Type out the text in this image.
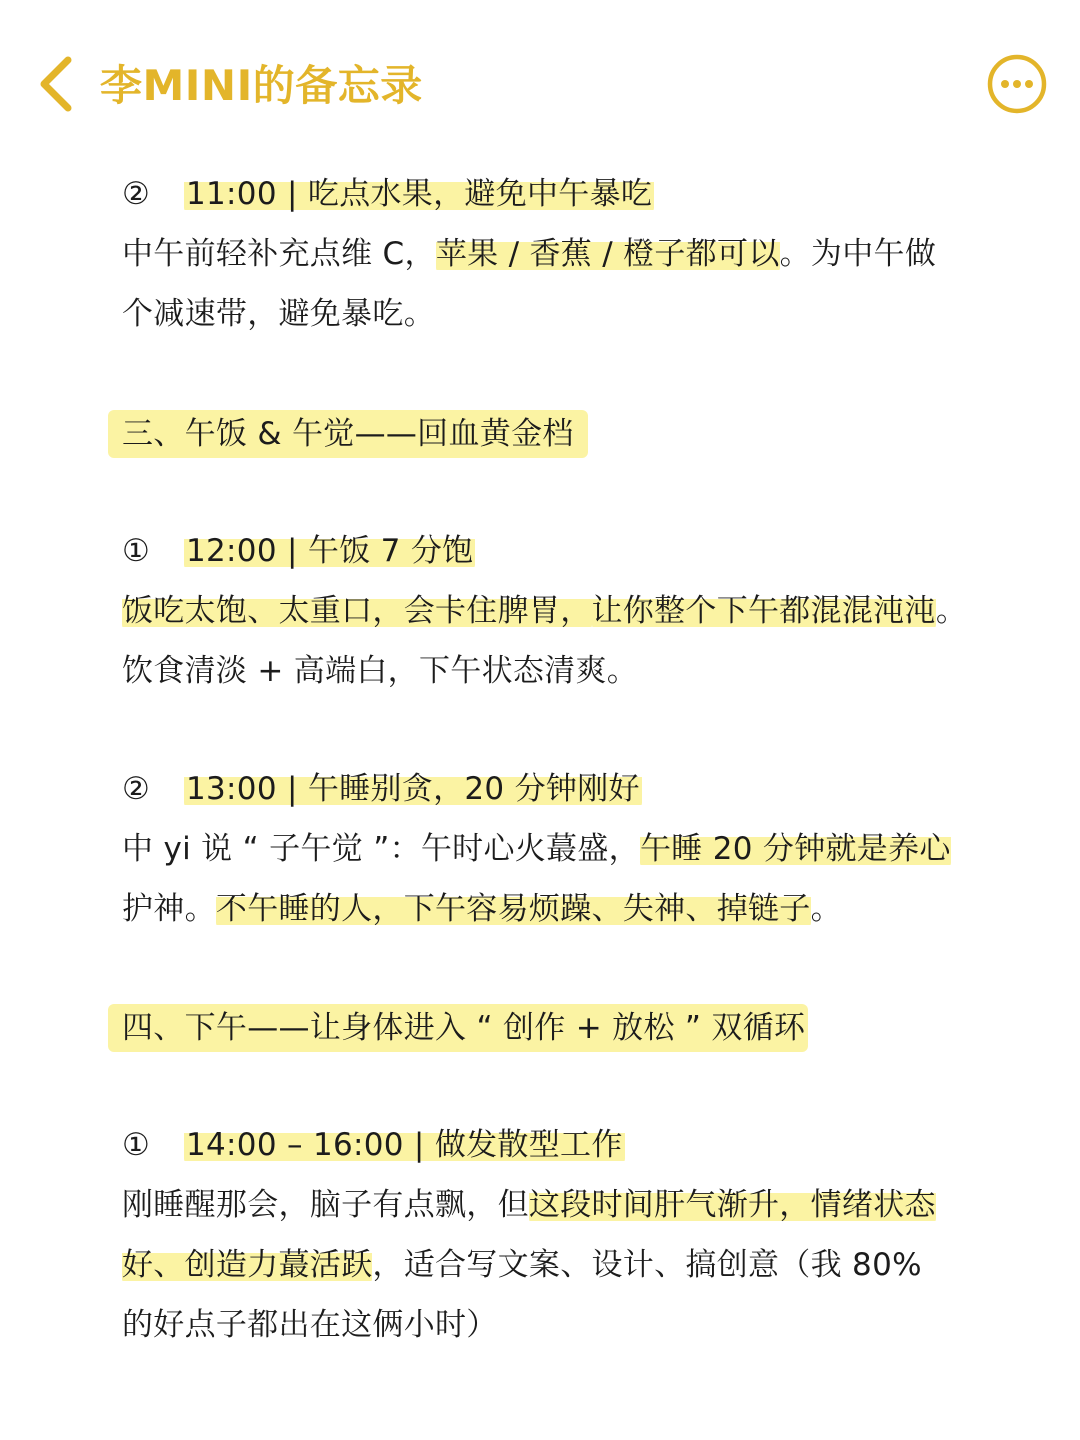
李MINI的备忘录
② 11:00 | 吃点水果，避免中午暴吃
中午前轻补充点维 C，苹果 / 香蕉 / 橙子都可以。为中午做
个减速带，避免暴吃。
三、午饭 & 午觉——回血黄金档
① 12:00 | 午饭 7 分饱
饭吃太饱、太重口，会卡住脾胃，让你整个下午都混混沌沌。
饮食清淡 + 高端白，下午状态清爽。
② 13:00 | 午睡别贪，20 分钟刚好
中 yi 说 “ 子午觉 ”：午时心火蕞盛，午睡 20 分钟就是养心
护神。不午睡的人，下午容易烦躁、失神、掉链子。
四、下午——让身体进入 “ 创作 + 放松 ” 双循环
① 14:00 – 16:00 | 做发散型工作
刚睡醒那会，脑子有点飘，但这段时间肝气渐升，情绪状态
好、创造力蕞活跃，适合写文案、设计、搞创意（我 80%
的好点子都出在这俩小时）
